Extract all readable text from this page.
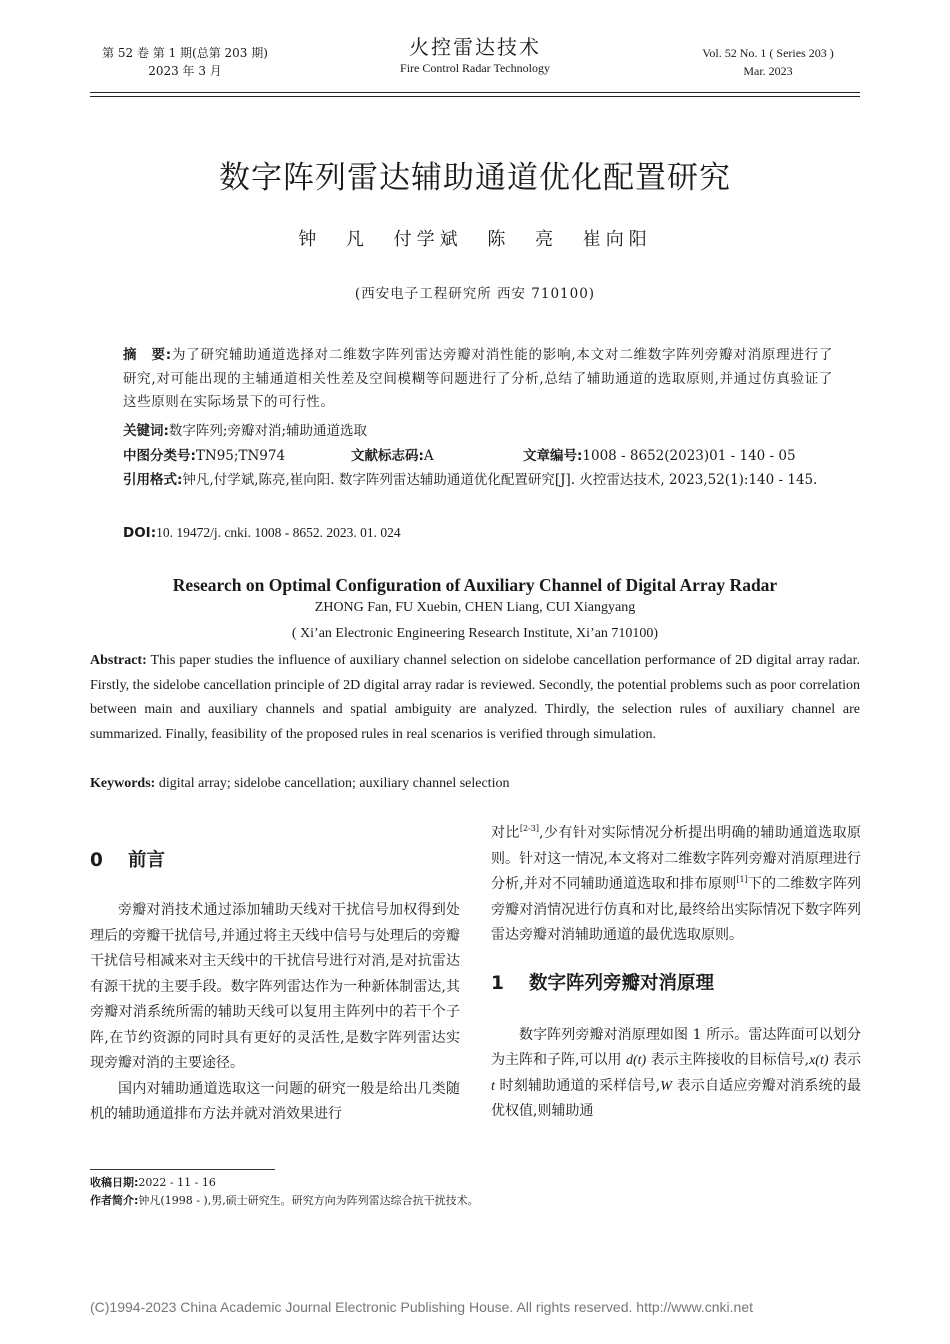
第 52 卷 第 1 期(总第 203 期)
2023 年 3 月
火控雷达技术
Fire Control Radar Technology
Vol. 52 No. 1 ( Series 203 )
Mar. 2023
数字阵列雷达辅助通道优化配置研究
钟 凡 付学斌 陈 亮 崔向阳
(西安电子工程研究所 西安 710100)
摘　要:为了研究辅助通道选择对二维数字阵列雷达旁瓣对消性能的影响,本文对二维数字阵列旁瓣对消原理进行了研究,对可能出现的主辅通道相关性差及空间模糊等问题进行了分析,总结了辅助通道的选取原则,并通过仿真验证了这些原则在实际场景下的可行性。
关键词:数字阵列;旁瓣对消;辅助通道选取
中图分类号:TN95;TN974	文献标志码:A	文章编号:1008 - 8652(2023)01 - 140 - 05
引用格式:钟凡,付学斌,陈亮,崔向阳. 数字阵列雷达辅助通道优化配置研究[J]. 火控雷达技术, 2023,52(1):140 - 145.
DOI:10. 19472/j. cnki. 1008 - 8652. 2023. 01. 024
Research on Optimal Configuration of Auxiliary Channel of Digital Array Radar
ZHONG Fan, FU Xuebin, CHEN Liang, CUI Xiangyang
( Xi’an Electronic Engineering Research Institute, Xi’an 710100)
Abstract: This paper studies the influence of auxiliary channel selection on sidelobe cancellation performance of 2D digital array radar. Firstly, the sidelobe cancellation principle of 2D digital array radar is reviewed. Secondly, the potential problems such as poor correlation between main and auxiliary channels and spatial ambiguity are analyzed. Thirdly, the selection rules of auxiliary channel are summarized. Finally, feasibility of the proposed rules in real scenarios is verified through simulation.
Keywords: digital array; sidelobe cancellation; auxiliary channel selection
0 前言

旁瓣对消技术通过添加辅助天线对干扰信号加权得到处理后的旁瓣干扰信号,并通过将主天线中信号与处理后的旁瓣干扰信号相减来对主天线中的干扰信号进行对消,是对抗雷达有源干扰的主要手段。数字阵列雷达作为一种新体制雷达,其旁瓣对消系统所需的辅助天线可以复用主阵列中的若干个子阵,在节约资源的同时具有更好的灵活性,是数字阵列雷达实现旁瓣对消的主要途径。

国内对辅助通道选取这一问题的研究一般是给出几类随机的辅助通道排布方法并就对消效果进行

对比[2-3],少有针对实际情况分析提出明确的辅助通道选取原则。针对这一情况,本文将对二维数字阵列旁瓣对消原理进行分析,并对不同辅助通道选取和排布原则[1]下的二维数字阵列旁瓣对消情况进行仿真和对比,最终给出实际情况下数字阵列雷达旁瓣对消辅助通道的最优选取原则。

1 数字阵列旁瓣对消原理

数字阵列旁瓣对消原理如图 1 所示。雷达阵面可以划分为主阵和子阵,可以用 d(t) 表示主阵接收的目标信号,x(t) 表示 t 时刻辅助通道的采样信号,W 表示自适应旁瓣对消系统的最优权值,则辅助通

收稿日期:2022 - 11 - 16
作者简介:钟凡(1998 - ),男,硕士研究生。研究方向为阵列雷达综合抗干扰技术。
(C)1994-2023 China Academic Journal Electronic Publishing House. All rights reserved. http://www.cnki.net
